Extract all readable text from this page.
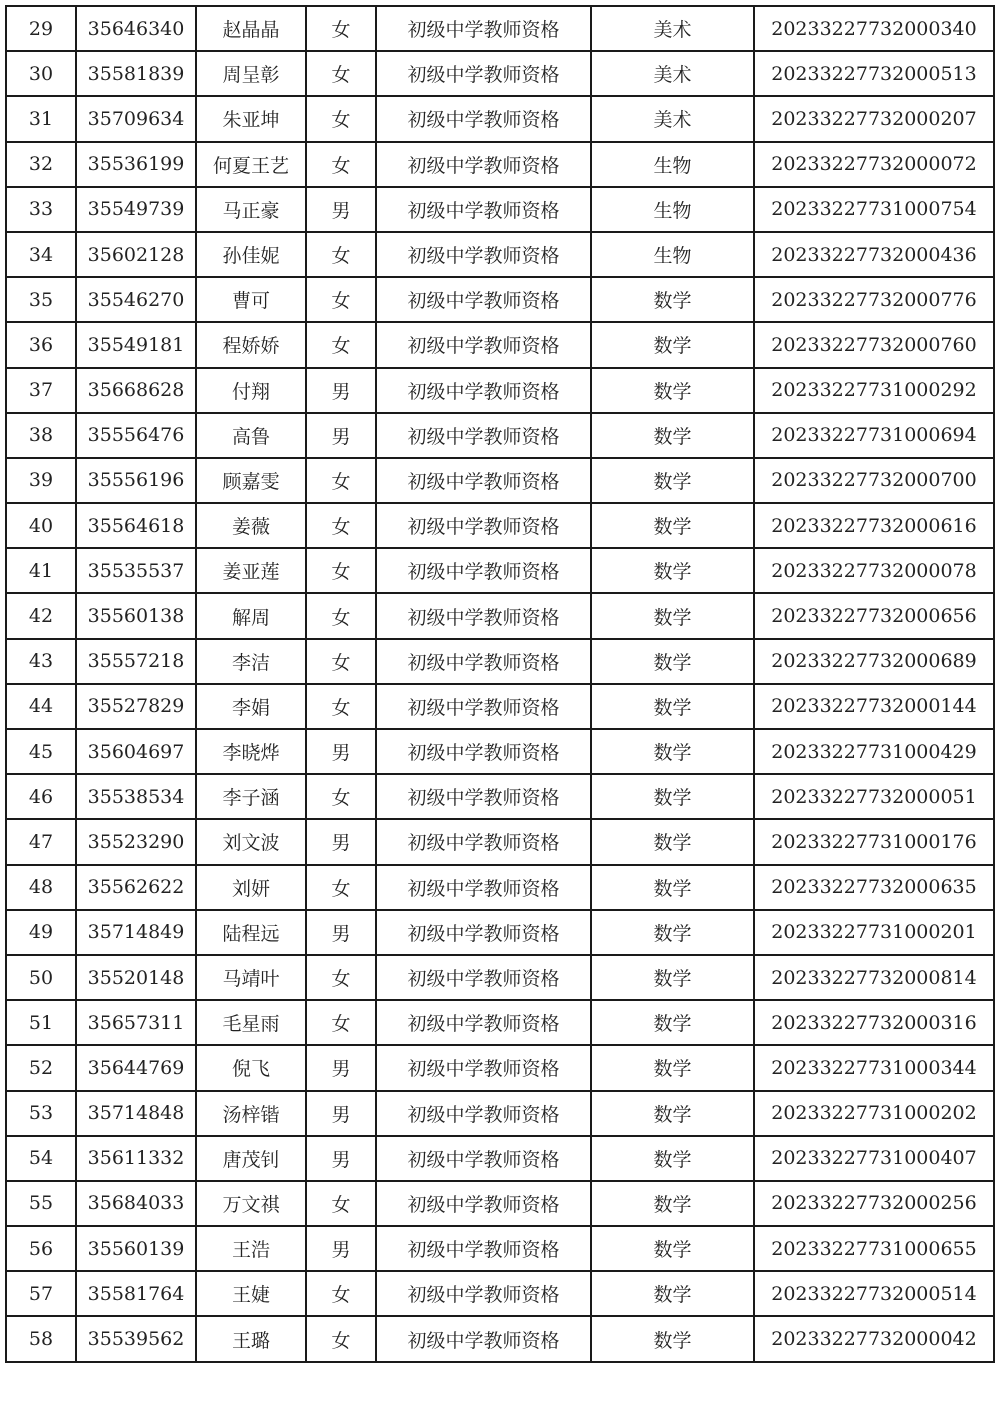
29	35646340	赵晶晶	女	初级中学教师资格	美术	20233227732000340
30	35581839	周呈彰	女	初级中学教师资格	美术	20233227732000513
31	35709634	朱亚坤	女	初级中学教师资格	美术	20233227732000207
32	35536199	何夏王艺	女	初级中学教师资格	生物	20233227732000072
33	35549739	马正豪	男	初级中学教师资格	生物	20233227731000754
34	35602128	孙佳妮	女	初级中学教师资格	生物	20233227732000436
35	35546270	曹可	女	初级中学教师资格	数学	20233227732000776
36	35549181	程娇娇	女	初级中学教师资格	数学	20233227732000760
37	35668628	付翔	男	初级中学教师资格	数学	20233227731000292
38	35556476	高鲁	男	初级中学教师资格	数学	20233227731000694
39	35556196	顾嘉雯	女	初级中学教师资格	数学	20233227732000700
40	35564618	姜薇	女	初级中学教师资格	数学	20233227732000616
41	35535537	姜亚莲	女	初级中学教师资格	数学	20233227732000078
42	35560138	解周	女	初级中学教师资格	数学	20233227732000656
43	35557218	李洁	女	初级中学教师资格	数学	20233227732000689
44	35527829	李娟	女	初级中学教师资格	数学	20233227732000144
45	35604697	李晓烨	男	初级中学教师资格	数学	20233227731000429
46	35538534	李子涵	女	初级中学教师资格	数学	20233227732000051
47	35523290	刘文波	男	初级中学教师资格	数学	20233227731000176
48	35562622	刘妍	女	初级中学教师资格	数学	20233227732000635
49	35714849	陆程远	男	初级中学教师资格	数学	20233227731000201
50	35520148	马靖叶	女	初级中学教师资格	数学	20233227732000814
51	35657311	毛星雨	女	初级中学教师资格	数学	20233227732000316
52	35644769	倪飞	男	初级中学教师资格	数学	20233227731000344
53	35714848	汤梓锴	男	初级中学教师资格	数学	20233227731000202
54	35611332	唐茂钊	男	初级中学教师资格	数学	20233227731000407
55	35684033	万文祺	女	初级中学教师资格	数学	20233227732000256
56	35560139	王浩	男	初级中学教师资格	数学	20233227731000655
57	35581764	王婕	女	初级中学教师资格	数学	20233227732000514
58	35539562	王璐	女	初级中学教师资格	数学	20233227732000042
